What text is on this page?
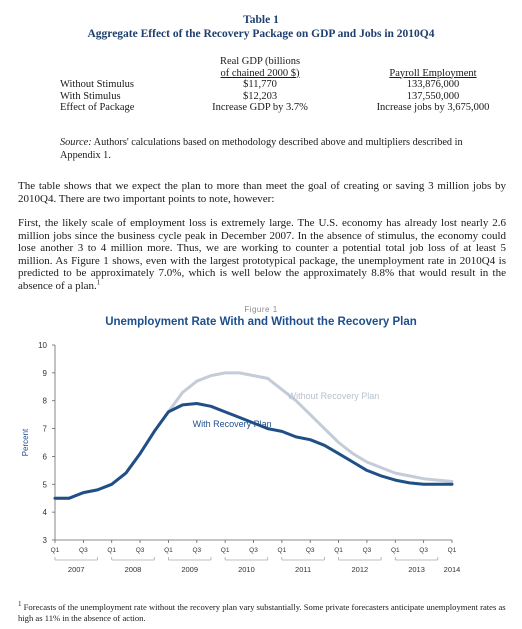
Table 1
Aggregate Effect of the Recovery Package on GDP and Jobs in 2010Q4

	Real GDP (billions
of chained 2000 $)	Payroll Employment
Without Stimulus	$11,770	133,876,000
With Stimulus	$12,203	137,550,000
Effect of Package	Increase GDP by 3.7%	Increase jobs by 3,675,000
Source: Authors' calculations based on methodology described above and multipliers described in Appendix 1.
The table shows that we expect the plan to more than meet the goal of creating or saving 3 million jobs by 2010Q4. There are two important points to note, however:
First, the likely scale of employment loss is extremely large. The U.S. economy has already lost nearly 2.6 million jobs since the business cycle peak in December 2007. In the absence of stimulus, the economy could lose another 3 to 4 million more. Thus, we are working to counter a potential total job loss of at least 5 million. As Figure 1 shows, even with the largest prototypical package, the unemployment rate in 2010Q4 is predicted to be approximately 7.0%, which is well below the approximately 8.8% that would result in the absence of a plan.$^1$
Figure 1
Unemployment Rate With and Without the Recovery Plan
3
4
5
6
7
8
9
10
Percent
Q1	Q3	Q1	Q3	Q1	Q3	Q1	Q3	Q1	Q3	Q1	Q3	Q1	Q3	Q1
2007	2008	2009	2010	2011	2012	2013	2014
Without Recovery Plan
With Recovery Plan
$^1$ Forecasts of the unemployment rate without the recovery plan vary substantially. Some private forecasters anticipate unemployment rates as high as 11% in the absence of action.
